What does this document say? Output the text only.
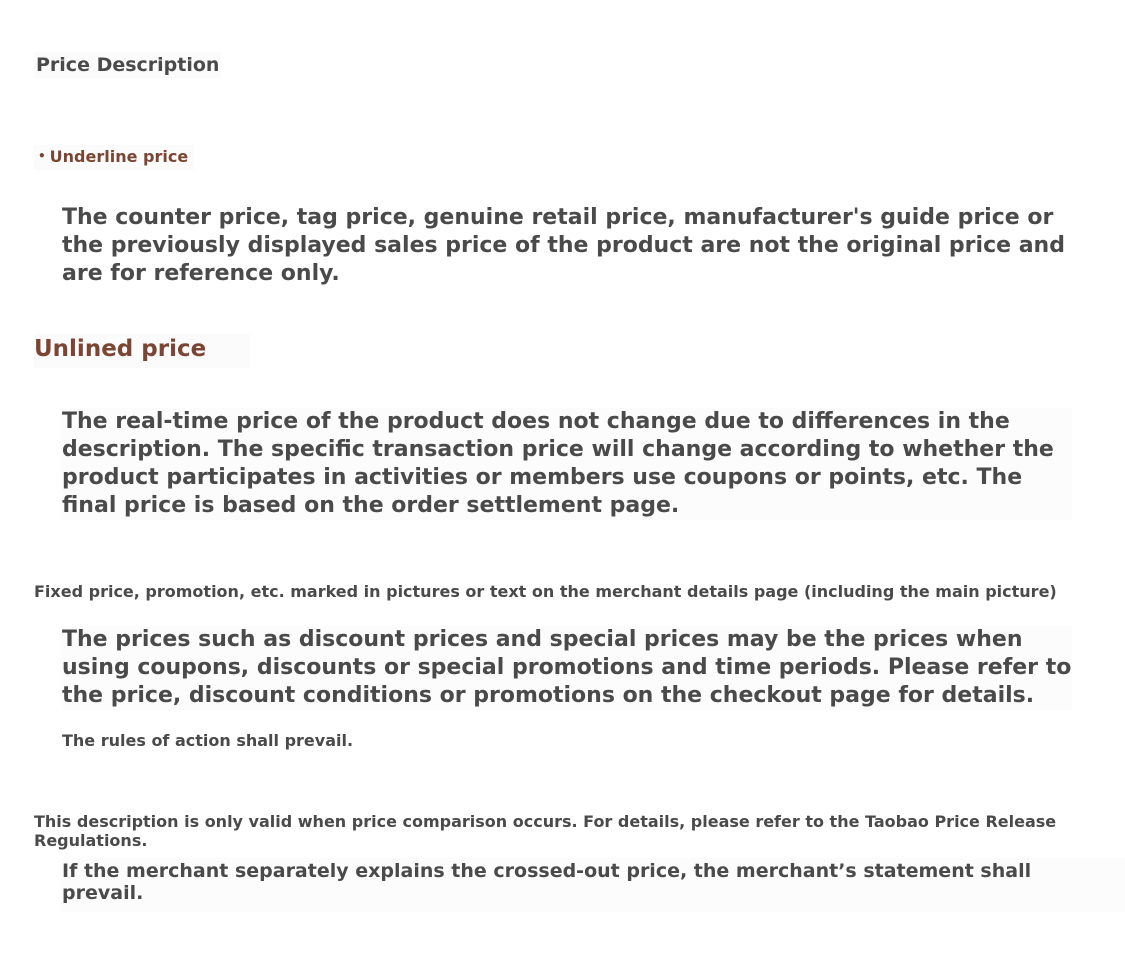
Price Description
• Underline price

The counter price, tag price, genuine retail price, manufacturer's guide price or the previously displayed sales price of the product are not the original price and are for reference only.

Unlined price

The real-time price of the product does not change due to differences in the description. The specific transaction price will change according to whether the product participates in activities or members use coupons or points, etc. The final price is based on the order settlement page.

Fixed price, promotion, etc. marked in pictures or text on the merchant details page (including the main picture)

The prices such as discount prices and special prices may be the prices when using coupons, discounts or special promotions and time periods. Please refer to the price, discount conditions or promotions on the checkout page for details.

The rules of action shall prevail.
This description is only valid when price comparison occurs. For details, please refer to the Taobao Price Release Regulations.
If the merchant separately explains the crossed-out price, the merchant’s statement shall prevail.
